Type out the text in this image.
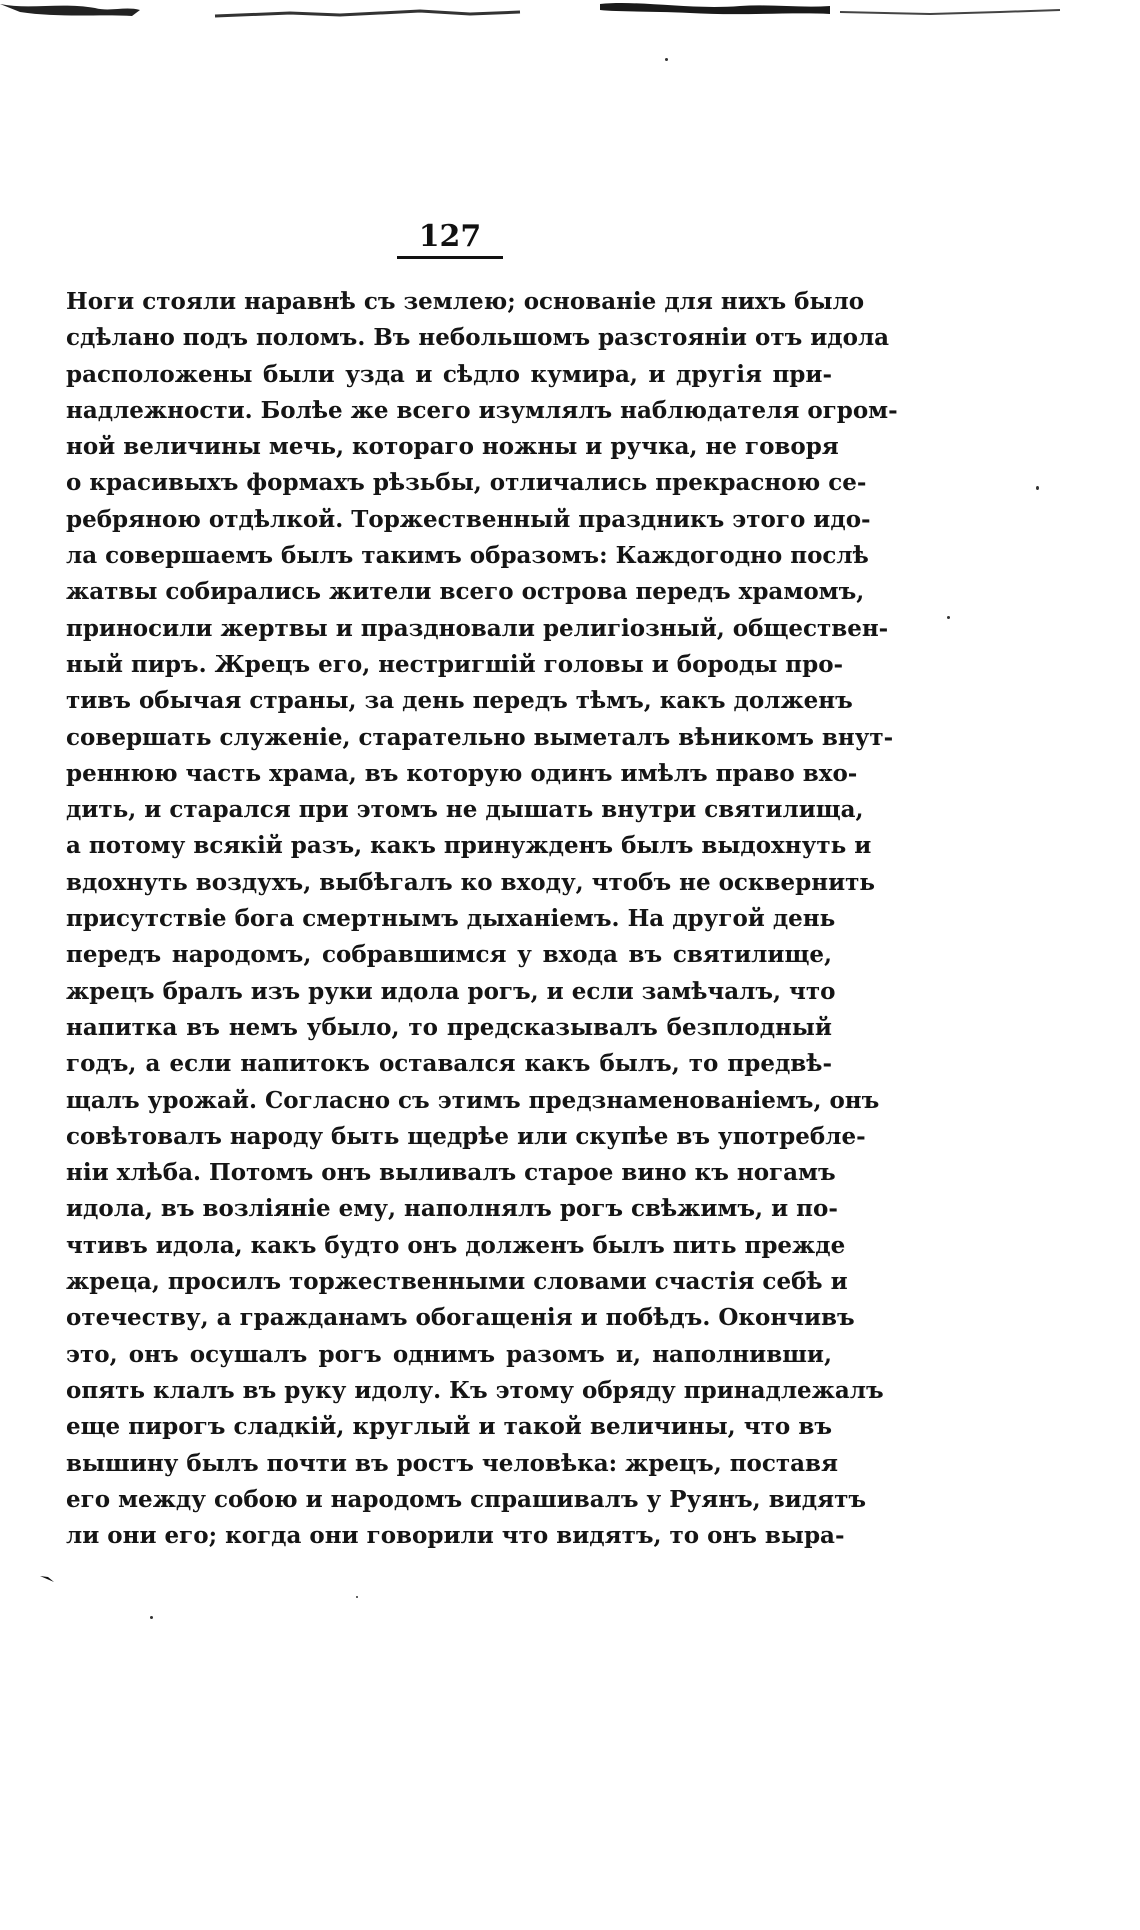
127
Ноги стояли наравнѣ съ землею; основанiе для нихъ было
сдѣлано подъ поломъ. Въ небольшомъ разстоянiи отъ идола
расположены были узда и сѣдло кумира, и другiя при-
надлежности. Болѣе же всего изумлялъ наблюдателя огром-
ной величины мечь, котораго ножны и ручка, не говоря
о красивыхъ формахъ рѣзьбы, отличались прекрасною се-
ребряною отдѣлкой. Торжественный праздникъ этого идо-
ла совершаемъ былъ такимъ образомъ: Каждогодно послѣ
жатвы собирались жители всего острова передъ храмомъ,
приносили жертвы и праздновали религiозный, обществен-
ный пиръ. Жрецъ его, нестригшiй головы и бороды про-
тивъ обычая страны, за день передъ тѣмъ, какъ долженъ
совершать служенiе, старательно выметалъ вѣникомъ внут-
реннюю часть храма, въ которую одинъ имѣлъ право вхо-
дить, и старался при этомъ не дышать внутри святилища,
а потому всякiй разъ, какъ принужденъ былъ выдохнуть и
вдохнуть воздухъ, выбѣгалъ ко входу, чтобъ не осквернить
присутствiе бога смертнымъ дыханiемъ. На другой день
передъ народомъ, собравшимся у входа въ святилище,
жрецъ бралъ изъ руки идола рогъ, и если замѣчалъ, что
напитка въ немъ убыло, то предсказывалъ безплодный
годъ, а если напитокъ оставался какъ былъ, то предвѣ-
щалъ урожай. Согласно съ этимъ предзнаменованiемъ, онъ
совѣтовалъ народу быть щедрѣе или скупѣе въ употребле-
нiи хлѣба. Потомъ онъ выливалъ старое вино къ ногамъ
идола, въ возлiянiе ему, наполнялъ рогъ свѣжимъ, и по-
чтивъ идола, какъ будто онъ долженъ былъ пить прежде
жреца, просилъ торжественными словами счастiя себѣ и
отечеству, а гражданамъ обогащенiя и побѣдъ. Окончивъ
это, онъ осушалъ рогъ однимъ разомъ и, наполнивши,
опять клалъ въ руку идолу. Къ этому обряду принадлежалъ
еще пирогъ сладкiй, круглый и такой величины, что въ
вышину былъ почти въ ростъ человѣка: жрецъ, поставя
его между собою и народомъ спрашивалъ у Руянъ, видятъ
ли они его; когда они говорили что видятъ, то онъ выра-
